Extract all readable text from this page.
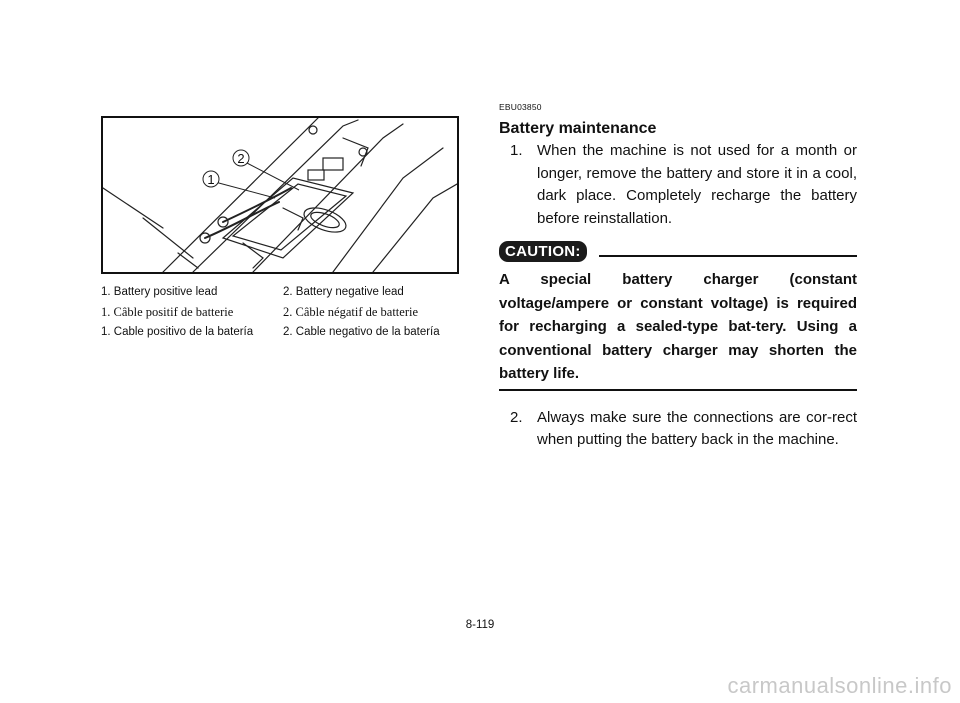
1
2
1. Battery positive lead	2. Battery negative lead
1. Câble positif de batterie	2. Câble négatif de batterie
1. Cable positivo de la batería	2. Cable negativo de la batería
EBU03850
Battery maintenance
1. When the machine is not used for a month or longer, remove the battery and store it in a cool, dark place. Completely recharge the battery before reinstallation.
CAUTION:
A special battery charger (constant voltage/ampere or constant voltage) is required for recharging a sealed-type bat-tery. Using a conventional battery charger may shorten the battery life.
2. Always make sure the connections are cor-rect when putting the battery back in the machine.
8-119
carmanualsonline.info
